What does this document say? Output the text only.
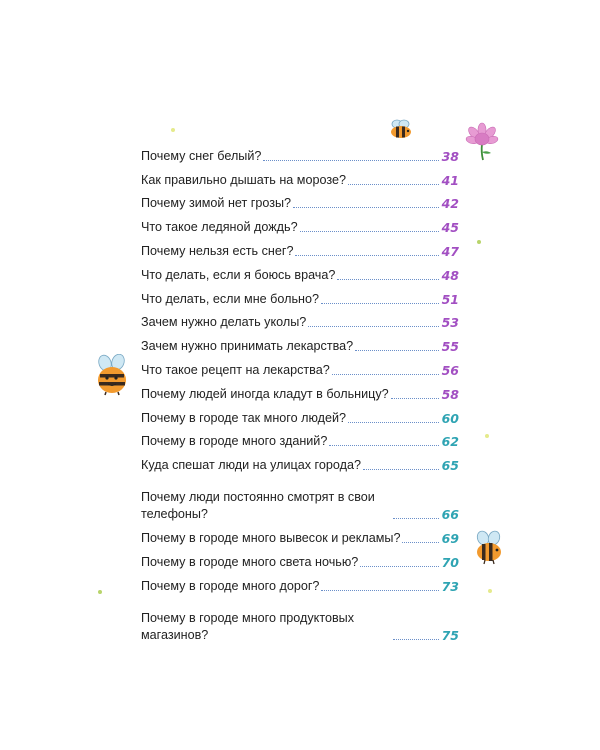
Почему снег белый?	38
Как правильно дышать на морозе?	41
Почему зимой нет грозы?	42
Что такое ледяной дождь?	45
Почему нельзя есть снег?	47
Что делать, если я боюсь врача?	48
Что делать, если мне больно?	51
Зачем нужно делать уколы?	53
Зачем нужно принимать лекарства?	55
Что такое рецепт на лекарства?	56
Почему людей иногда кладут в больницу?	58
Почему в городе так много людей?	60
Почему в городе много зданий?	62
Куда спешат люди на улицах города?	65
Почему люди постоянно смотрят в свои телефоны?	66
Почему в городе много вывесок и рекламы?	69
Почему в городе много света ночью?	70
Почему в городе много дорог?	73
Почему в городе много продуктовых магазинов?	75
